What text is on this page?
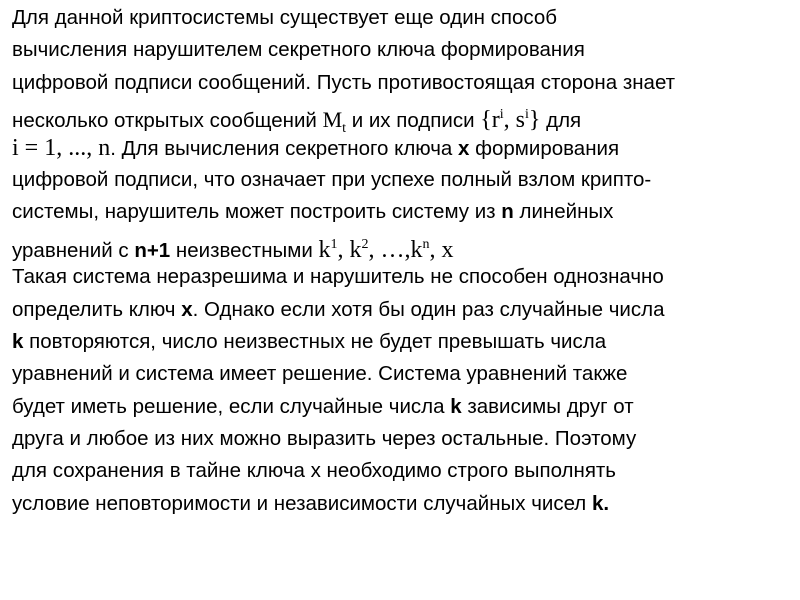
Для данной криптосистемы существует еще один способ
вычисления нарушителем секретного ключа формирования
цифровой подписи сообщений. Пусть противостоящая сторона знает
несколько открытых сообщений $M_t$ и их подписи {$r^i$, $s^i$} для
i = 1, ..., n. Для вычисления секретного ключа x формирования
цифровой подписи, что означает при успехе полный взлом крипто-
системы, нарушитель может построить систему из n линейных
уравнений с n+1 неизвестными $k^1$, $k^2$, $\dots,k^n$, x
Такая система неразрешима и нарушитель не способен однозначно
определить ключ x. Однако если хотя бы один раз случайные числа
k повторяются, число неизвестных не будет превышать числа
уравнений и система имеет решение. Система уравнений также
будет иметь решение, если случайные числа k зависимы друг от
друга и любое из них можно выразить через остальные. Поэтому
для сохранения в тайне ключа х необходимо строго выполнять
условие неповторимости и независимости случайных чисел k.
